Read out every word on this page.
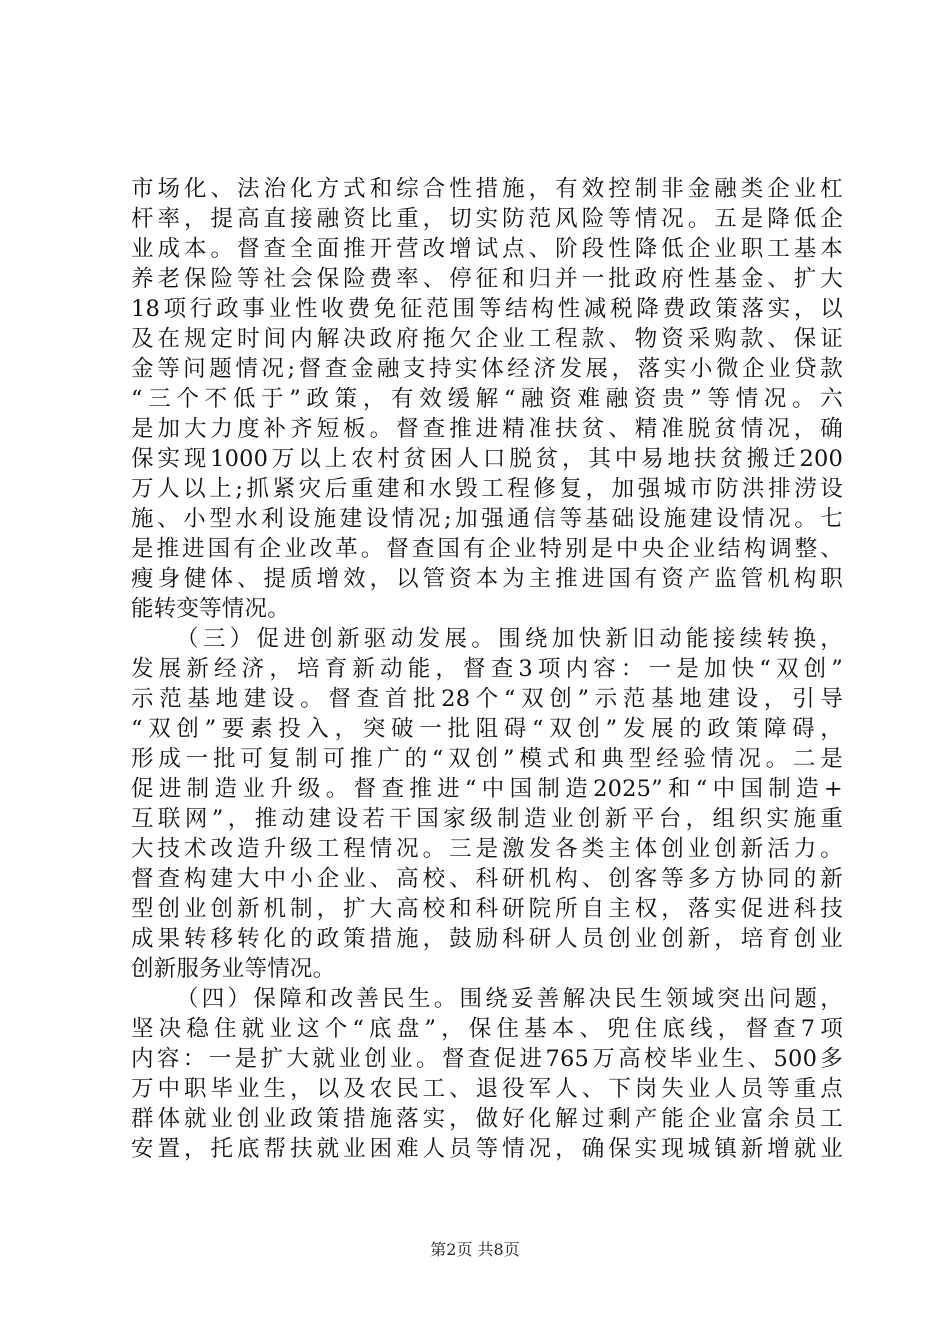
市场化、法治化方式和综合性措施，有效控制非金融类企业杠
杆率，提高直接融资比重，切实防范风险等情况。五是降低企
业成本。督查全面推开营改增试点、阶段性降低企业职工基本
养老保险等社会保险费率、停征和归并一批政府性基金、扩大
18项行政事业性收费免征范围等结构性减税降费政策落实，以
及在规定时间内解决政府拖欠企业工程款、物资采购款、保证
金等问题情况;督查金融支持实体经济发展，落实小微企业贷款
“三个不低于”政策，有效缓解“融资难融资贵”等情况。六
是加大力度补齐短板。督查推进精准扶贫、精准脱贫情况，确
保实现1000万以上农村贫困人口脱贫，其中易地扶贫搬迁200
万人以上;抓紧灾后重建和水毁工程修复，加强城市防洪排涝设
施、小型水利设施建设情况;加强通信等基础设施建设情况。七
是推进国有企业改革。督查国有企业特别是中央企业结构调整、
瘦身健体、提质增效，以管资本为主推进国有资产监管机构职
能转变等情况。
（三）促进创新驱动发展。围绕加快新旧动能接续转换，
发展新经济，培育新动能，督查3项内容：一是加快“双创”
示范基地建设。督查首批28个“双创”示范基地建设，引导
“双创”要素投入，突破一批阻碍“双创”发展的政策障碍，
形成一批可复制可推广的“双创”模式和典型经验情况。二是
促进制造业升级。督查推进“中国制造2025”和“中国制造+
互联网”，推动建设若干国家级制造业创新平台，组织实施重
大技术改造升级工程情况。三是激发各类主体创业创新活力。
督查构建大中小企业、高校、科研机构、创客等多方协同的新
型创业创新机制，扩大高校和科研院所自主权，落实促进科技
成果转移转化的政策措施，鼓励科研人员创业创新，培育创业
创新服务业等情况。
（四）保障和改善民生。围绕妥善解决民生领域突出问题，
坚决稳住就业这个“底盘”，保住基本、兜住底线，督查7项
内容：一是扩大就业创业。督查促进765万高校毕业生、500多
万中职毕业生，以及农民工、退役军人、下岗失业人员等重点
群体就业创业政策措施落实，做好化解过剩产能企业富余员工
安置，托底帮扶就业困难人员等情况，确保实现城镇新增就业
第2页 共8页
